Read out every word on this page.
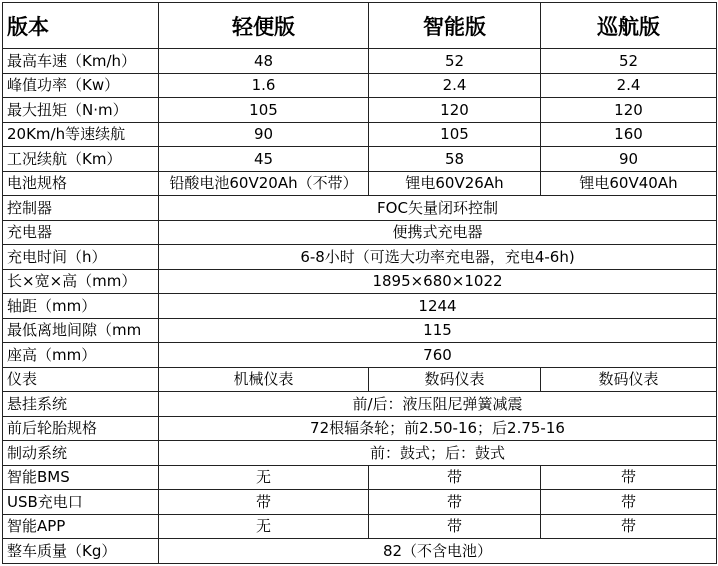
版本	轻便版	智能版	巡航版
最高车速（Km/h）	48	52	52
峰值功率（Kw）	1.6	2.4	2.4
最大扭矩（N·m）	105	120	120
20Km/h等速续航	90	105	160
工况续航（Km）	45	58	90
电池规格	铅酸电池60V20Ah（不带）	锂电60V26Ah	锂电60V40Ah
控制器	FOC矢量闭环控制		
充电器	便携式充电器		
充电时间（h）	6-8小时（可选大功率充电器，充电4-6h)		
长×宽×高（mm）	1895×680×1022		
轴距（mm）	1244		
最低离地间隙（mm	115		
座高（mm）	760		
仪表	机械仪表	数码仪表	数码仪表
悬挂系统	前/后：液压阻尼弹簧减震		
前后轮胎规格	72根辐条轮；前2.50-16；后2.75-16		
制动系统	前：鼓式；后：鼓式		
智能BMS	无	带	带
USB充电口	带	带	带
智能APP	无	带	带
整车质量（Kg）	82（不含电池）		
